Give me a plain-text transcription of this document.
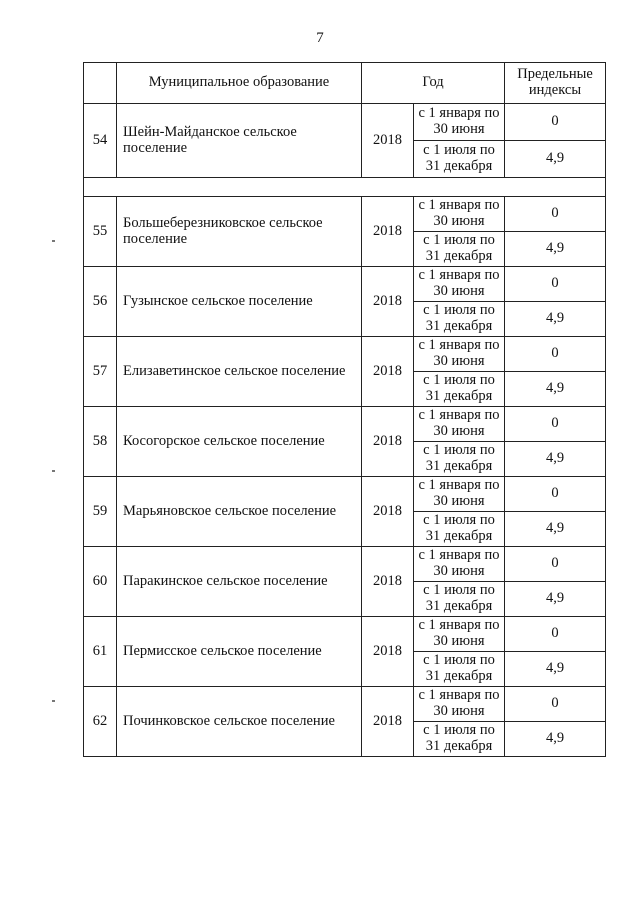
7
	Муниципальное образование	Год		Предельные индексы
54	Шейн-Майданское сельское поселение	2018	с 1 января по 30 июня	0
			с 1 июля по 31 декабря	4,9

55	Большеберезниковское сельское поселение	2018	с 1 января по 30 июня	0
			с 1 июля по 31 декабря	4,9
56	Гузынское сельское поселение	2018	с 1 января по 30 июня	0
			с 1 июля по 31 декабря	4,9
57	Елизаветинское сельское поселение	2018	с 1 января по 30 июня	0
			с 1 июля по 31 декабря	4,9
58	Косогорское сельское поселение	2018	с 1 января по 30 июня	0
			с 1 июля по 31 декабря	4,9
59	Марьяновское сельское поселение	2018	с 1 января по 30 июня	0
			с 1 июля по 31 декабря	4,9
60	Паракинское сельское поселение	2018	с 1 января по 30 июня	0
			с 1 июля по 31 декабря	4,9
61	Пермисское сельское поселение	2018	с 1 января по 30 июня	0
			с 1 июля по 31 декабря	4,9
62	Починковское сельское поселение	2018	с 1 января по 30 июня	0
			с 1 июля по 31 декабря	4,9
